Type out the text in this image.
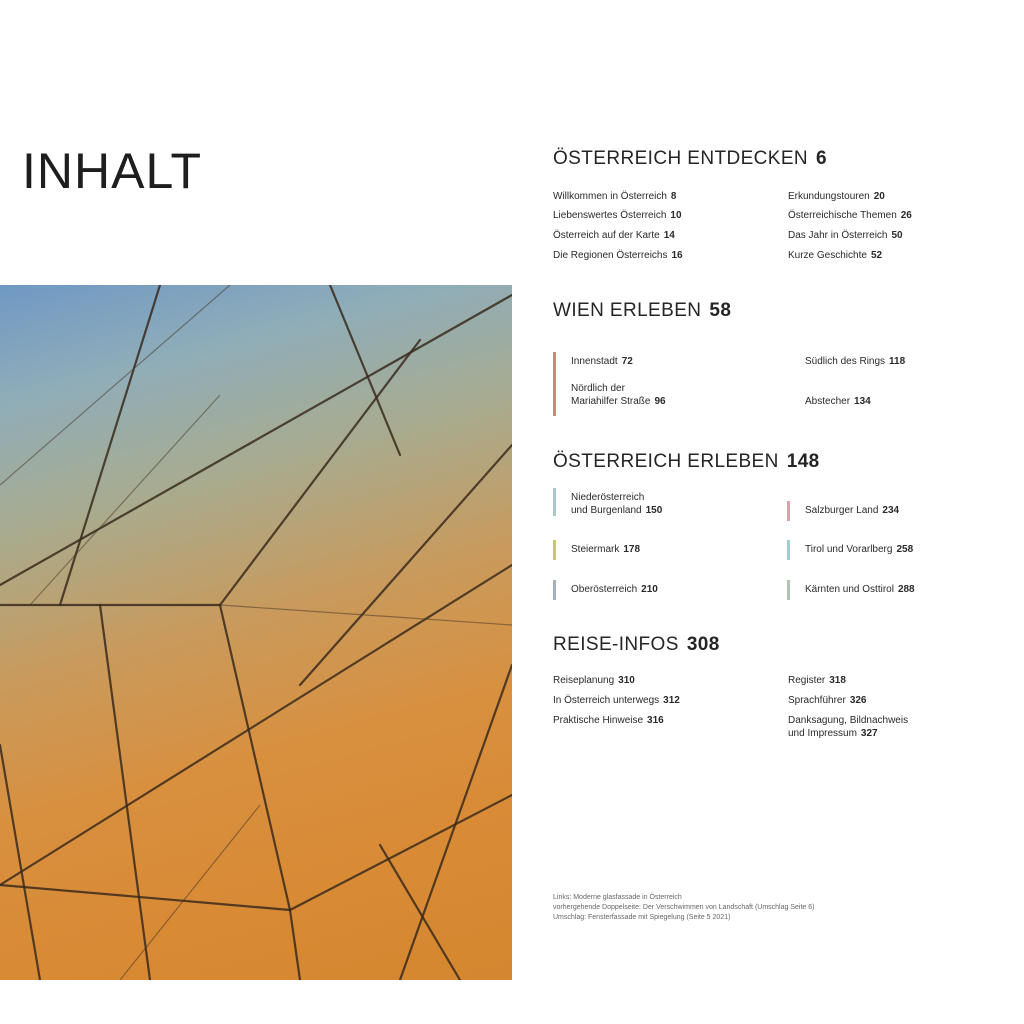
INHALT	ÖSTERREICH ENTDECKEN 6
Willkommen in Österreich 8
Liebenswertes Österreich 10
Österreich auf der Karte 14
Die Regionen Österreichs 16
Erkundungstouren 20
Österreichische Themen 26
Das Jahr in Österreich 50
Kurze Geschichte 52
WIEN ERLEBEN 58
Innenstadt 72
Nördlich der
Mariahilfer Straße 96
Südlich des Rings 118
Abstecher 134
ÖSTERREICH ERLEBEN 148
Niederösterreich
und Burgenland 150
Steiermark 178
Oberösterreich 210
Salzburger Land 234
Tirol und Vorarlberg 258
Kärnten und Osttirol 288
REISE-INFOS 308
Reiseplanung 310
In Österreich unterwegs 312
Praktische Hinweise 316
Register 318
Sprachführer 326
Danksagung, Bildnachweis
und Impressum 327
Links: Moderne glasfassade in Österreich
vorhergehende Doppelseite: Der Verschwimmen von Landschaft (Umschlag Seite 6)
Umschlag: Fensterfassade mit Spiegelung (Seite 5 2021)
